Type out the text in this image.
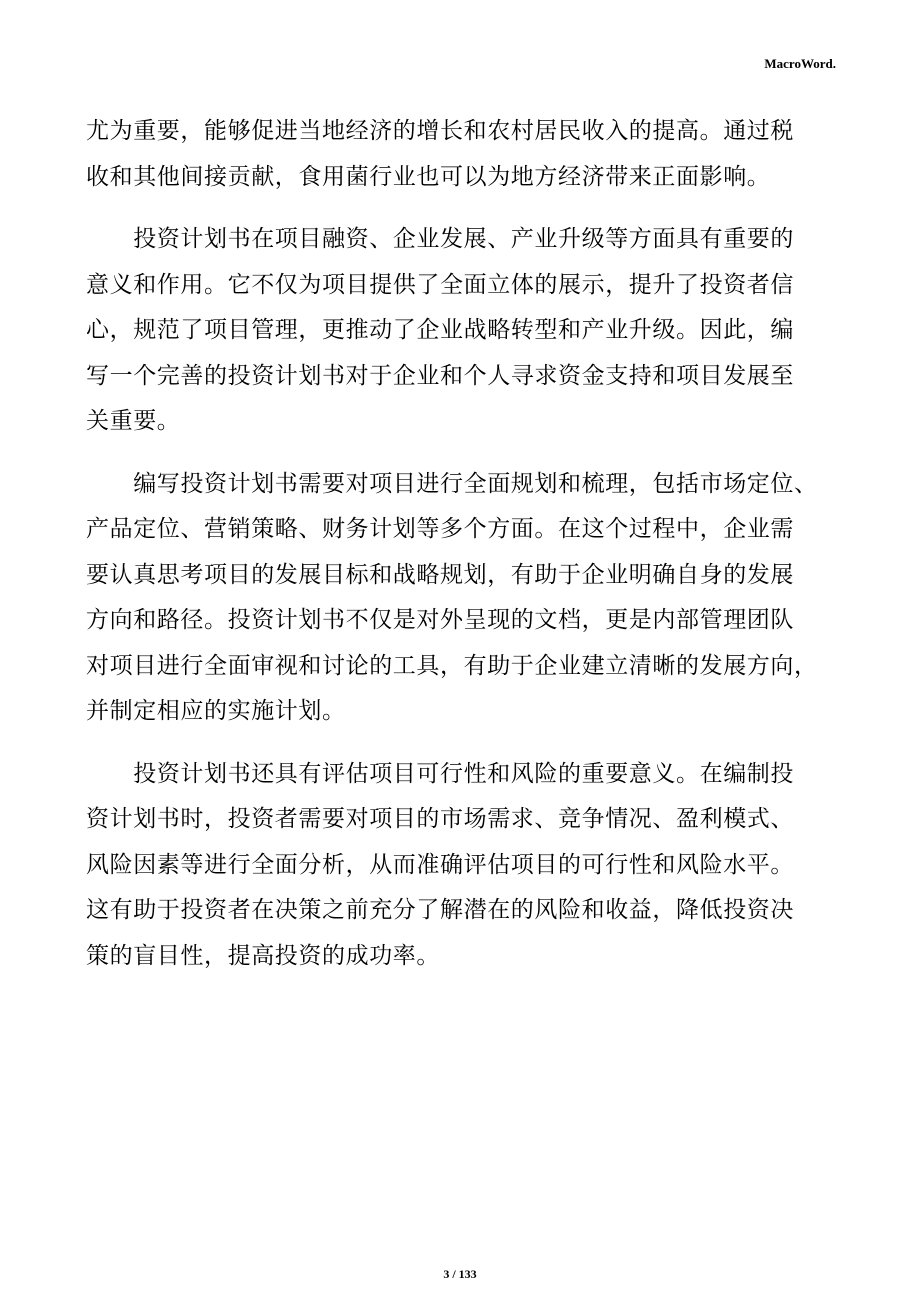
MacroWord.
尤为重要，能够促进当地经济的增长和农村居民收入的提高。通过税
收和其他间接贡献，食用菌行业也可以为地方经济带来正面影响。
　　投资计划书在项目融资、企业发展、产业升级等方面具有重要的
意义和作用。它不仅为项目提供了全面立体的展示，提升了投资者信
心，规范了项目管理，更推动了企业战略转型和产业升级。因此，编
写一个完善的投资计划书对于企业和个人寻求资金支持和项目发展至
关重要。
　　编写投资计划书需要对项目进行全面规划和梳理，包括市场定位、
产品定位、营销策略、财务计划等多个方面。在这个过程中，企业需
要认真思考项目的发展目标和战略规划，有助于企业明确自身的发展
方向和路径。投资计划书不仅是对外呈现的文档，更是内部管理团队
对项目进行全面审视和讨论的工具，有助于企业建立清晰的发展方向，
并制定相应的实施计划。
　　投资计划书还具有评估项目可行性和风险的重要意义。在编制投
资计划书时，投资者需要对项目的市场需求、竞争情况、盈利模式、
风险因素等进行全面分析，从而准确评估项目的可行性和风险水平。
这有助于投资者在决策之前充分了解潜在的风险和收益，降低投资决
策的盲目性，提高投资的成功率。
3 / 133
